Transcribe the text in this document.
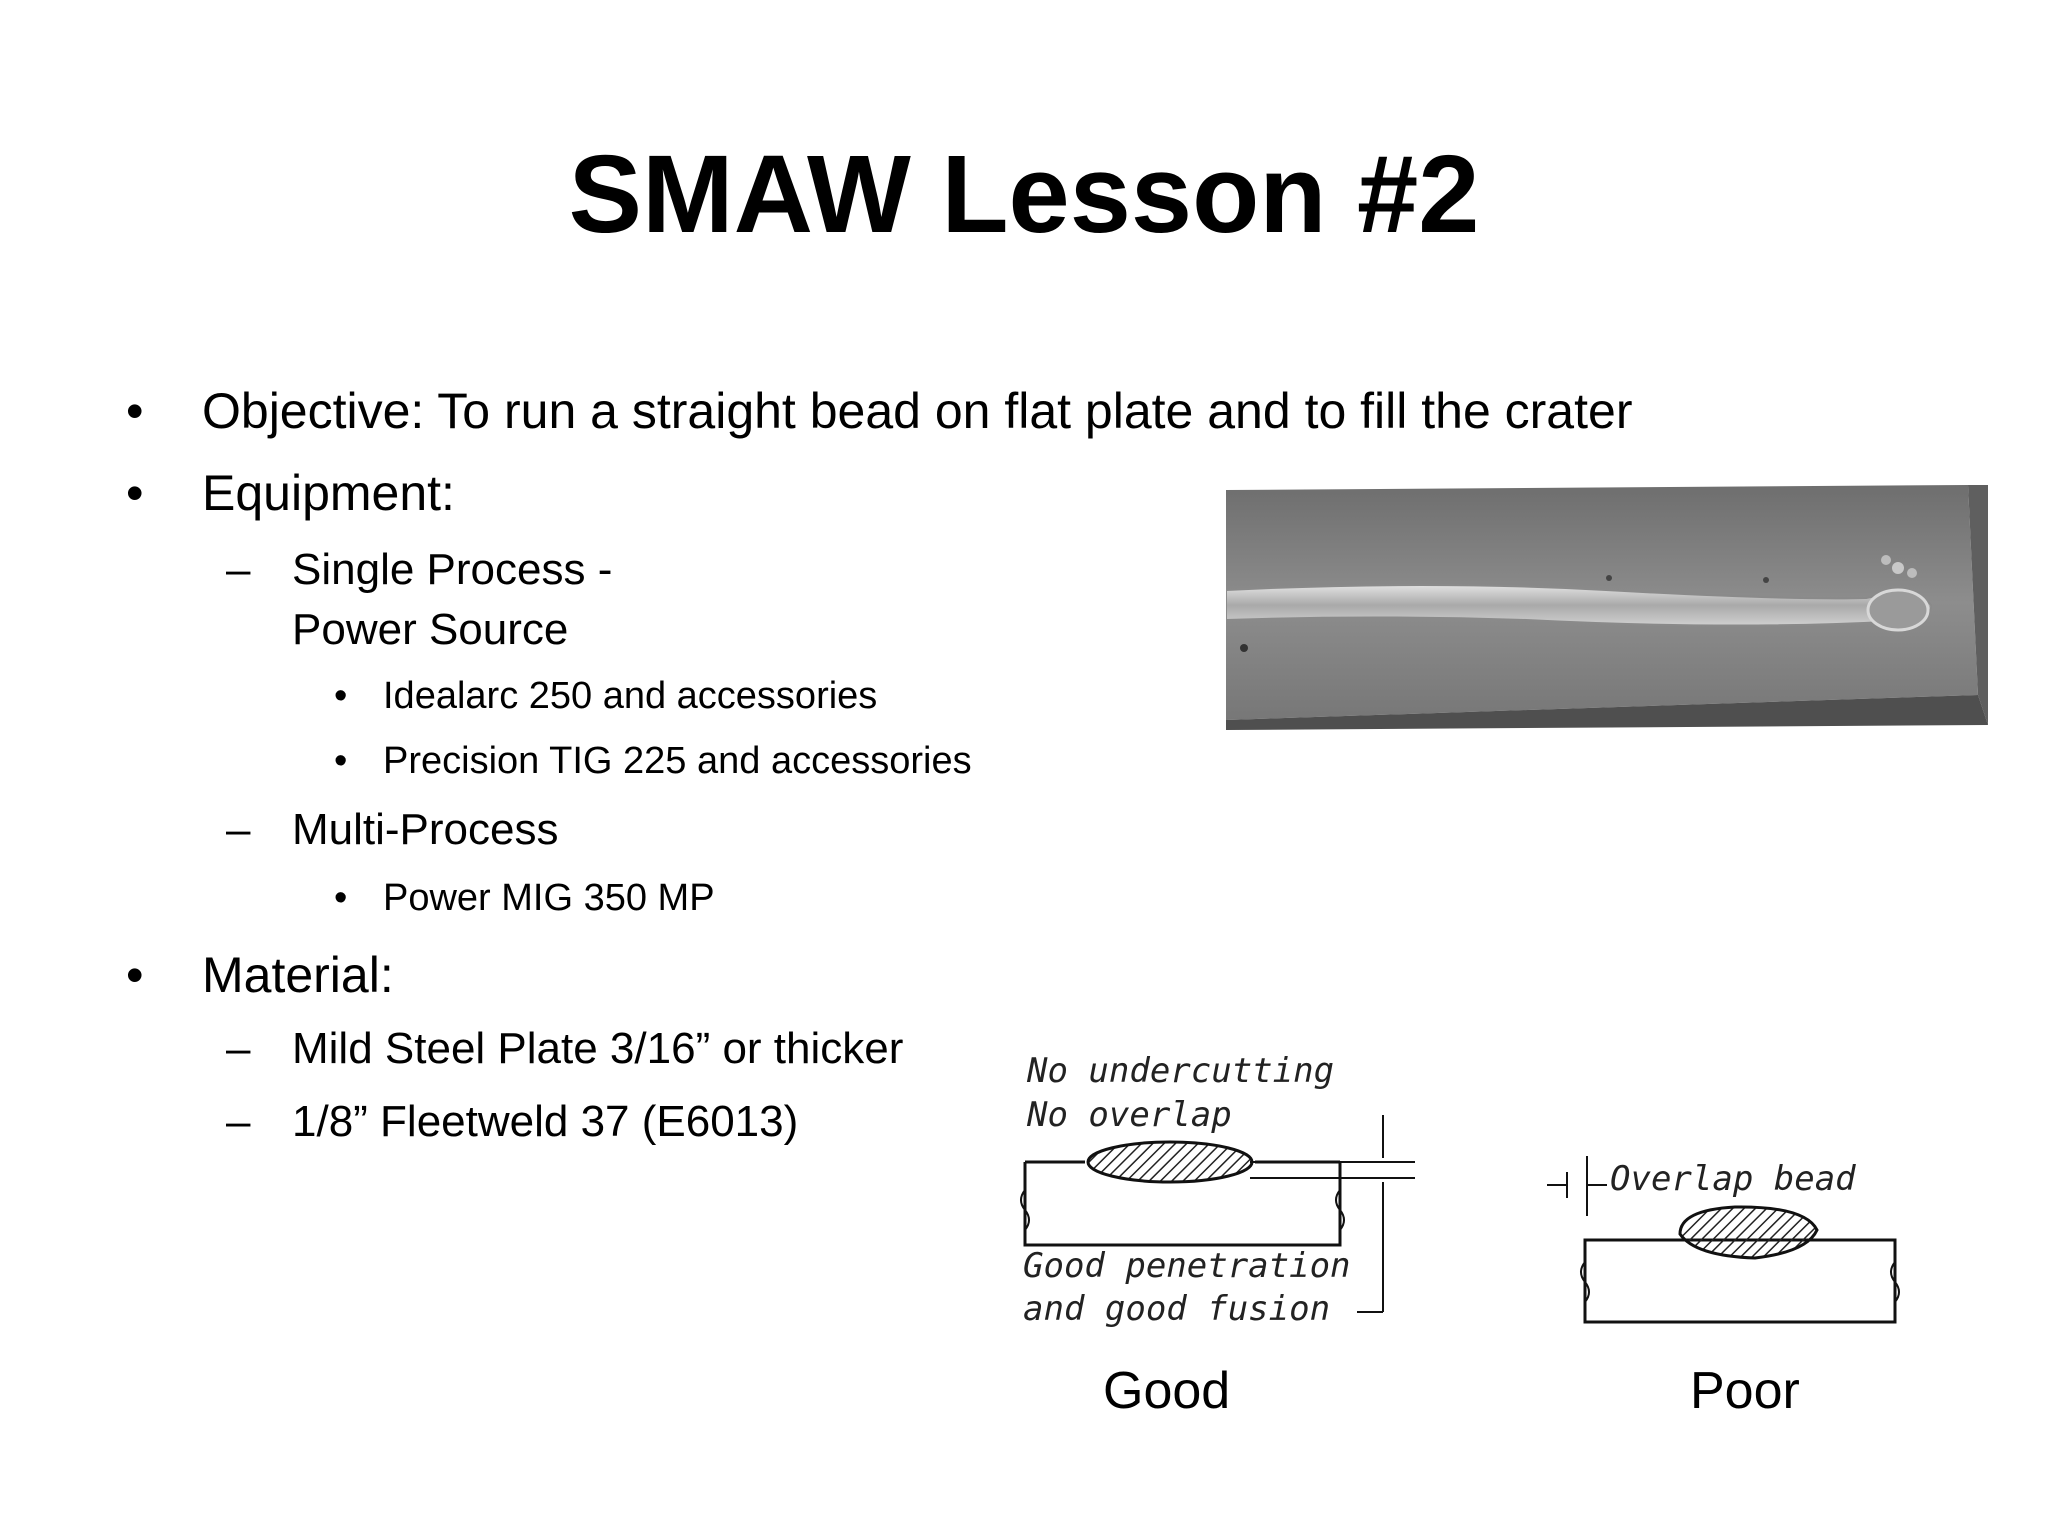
SMAW Lesson #2
• Objective: To run a straight bead on flat plate and to fill the crater
• Equipment:
– Single Process -
Power Source
• Idealarc 250 and accessories
• Precision TIG 225 and accessories
– Multi-Process
• Power MIG 350 MP
• Material:
– Mild Steel Plate 3/16” or thicker
– 1/8” Fleetweld 37 (E6013)
No undercutting
No overlap
Good penetration
and good fusion
Overlap bead
Good	Poor
